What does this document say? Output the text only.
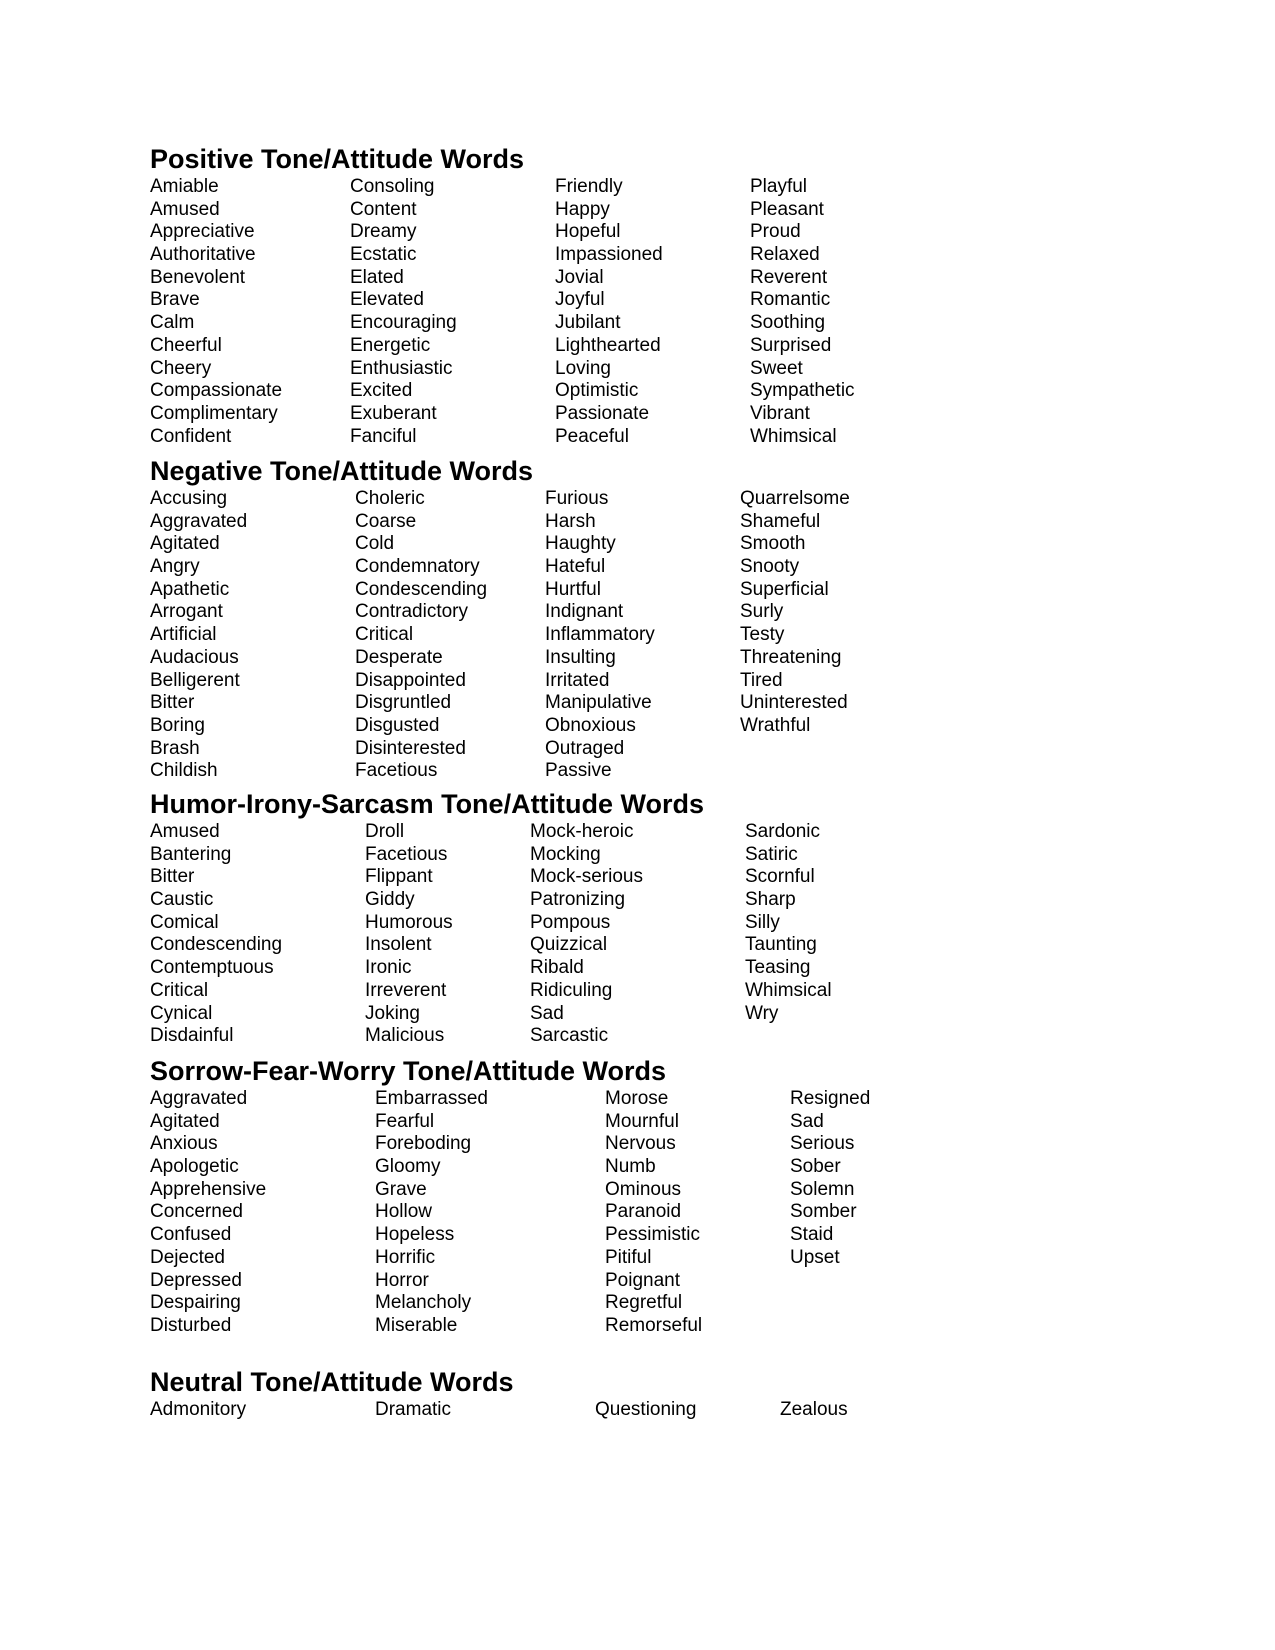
Positive Tone/Attitude Words
Amiable	Consoling	Friendly	Playful
Amused	Content	Happy	Pleasant
Appreciative	Dreamy	Hopeful	Proud
Authoritative	Ecstatic	Impassioned	Relaxed
Benevolent	Elated	Jovial	Reverent
Brave	Elevated	Joyful	Romantic
Calm	Encouraging	Jubilant	Soothing
Cheerful	Energetic	Lighthearted	Surprised
Cheery	Enthusiastic	Loving	Sweet
Compassionate	Excited	Optimistic	Sympathetic
Complimentary	Exuberant	Passionate	Vibrant
Confident	Fanciful	Peaceful	Whimsical
Negative Tone/Attitude Words
Accusing	Choleric	Furious	Quarrelsome
Aggravated	Coarse	Harsh	Shameful
Agitated	Cold	Haughty	Smooth
Angry	Condemnatory	Hateful	Snooty
Apathetic	Condescending	Hurtful	Superficial
Arrogant	Contradictory	Indignant	Surly
Artificial	Critical	Inflammatory	Testy
Audacious	Desperate	Insulting	Threatening
Belligerent	Disappointed	Irritated	Tired
Bitter	Disgruntled	Manipulative	Uninterested
Boring	Disgusted	Obnoxious	Wrathful
Brash	Disinterested	Outraged
Childish	Facetious	Passive
Humor-Irony-Sarcasm Tone/Attitude Words
Amused	Droll	Mock-heroic	Sardonic
Bantering	Facetious	Mocking	Satiric
Bitter	Flippant	Mock-serious	Scornful
Caustic	Giddy	Patronizing	Sharp
Comical	Humorous	Pompous	Silly
Condescending	Insolent	Quizzical	Taunting
Contemptuous	Ironic	Ribald	Teasing
Critical	Irreverent	Ridiculing	Whimsical
Cynical	Joking	Sad	Wry
Disdainful	Malicious	Sarcastic
Sorrow-Fear-Worry Tone/Attitude Words
Aggravated	Embarrassed	Morose	Resigned
Agitated	Fearful	Mournful	Sad
Anxious	Foreboding	Nervous	Serious
Apologetic	Gloomy	Numb	Sober
Apprehensive	Grave	Ominous	Solemn
Concerned	Hollow	Paranoid	Somber
Confused	Hopeless	Pessimistic	Staid
Dejected	Horrific	Pitiful	Upset
Depressed	Horror	Poignant
Despairing	Melancholy	Regretful
Disturbed	Miserable	Remorseful
Neutral Tone/Attitude Words
Admonitory	Dramatic	Questioning	Zealous
